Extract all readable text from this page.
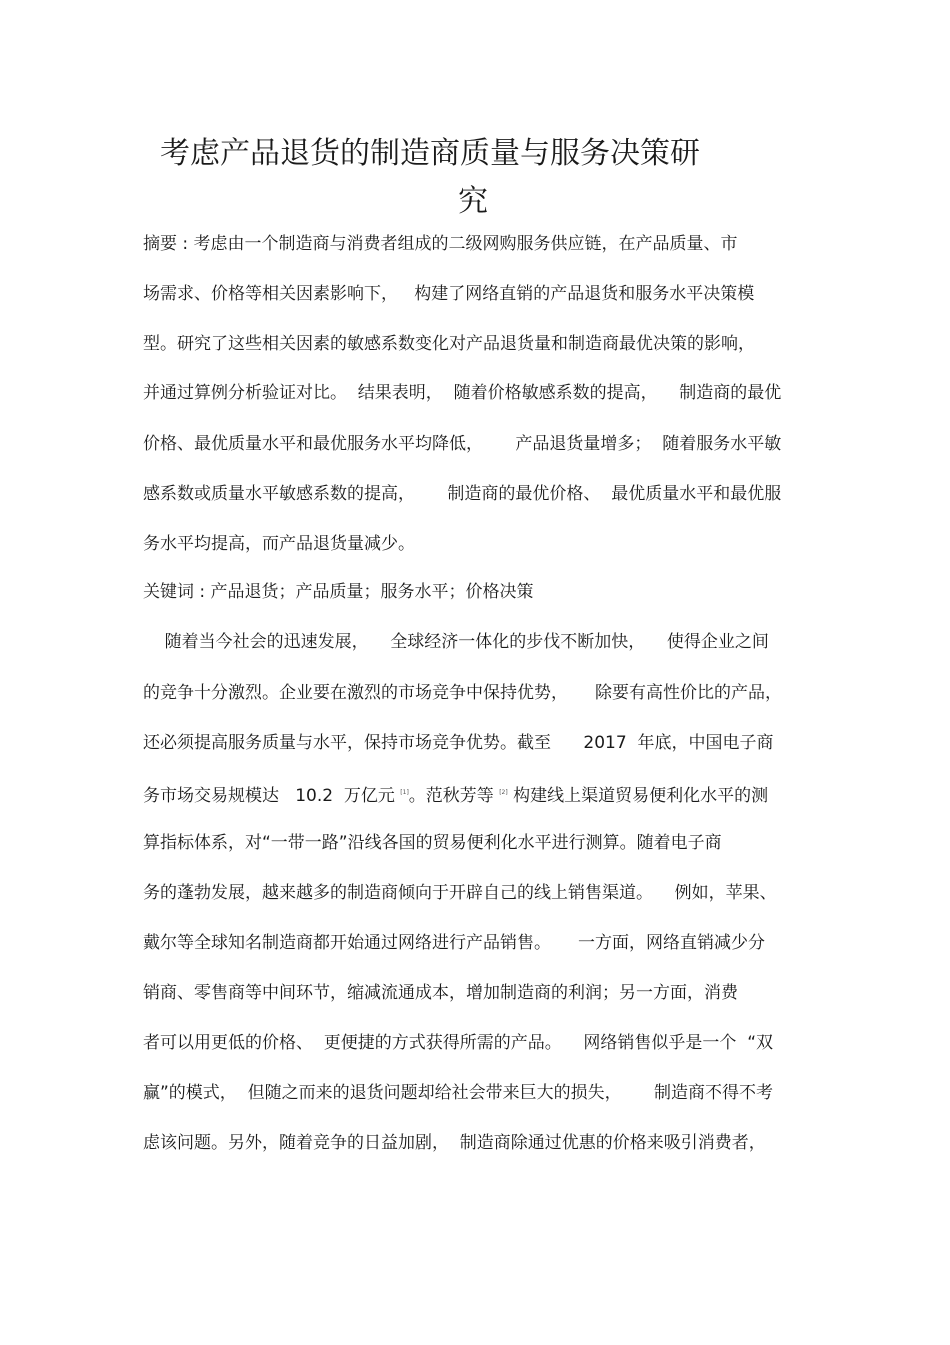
考虑产品退货的制造商质量与服务决策研
究
摘要 : 考虑由一个制造商与消费者组成的二级网购服务供应链，在产品质量、市
场需求、价格等相关因素影响下，   构建了网络直销的产品退货和服务水平决策模
型。研究了这些相关因素的敏感系数变化对产品退货量和制造商最优决策的影响，
并通过算例分析验证对比。  结果表明，  随着价格敏感系数的提高，    制造商的最优
价格、最优质量水平和最优服务水平均降低，      产品退货量增多；  随着服务水平敏
感系数或质量水平敏感系数的提高，      制造商的最优价格、  最优质量水平和最优服
务水平均提高，而产品退货量减少。
关键词 : 产品退货；产品质量；服务水平；价格决策
随着当今社会的迅速发展，    全球经济一体化的步伐不断加快，    使得企业之间
的竞争十分激烈。企业要在激烈的市场竞争中保持优势，     除要有高性价比的产品，
还必须提高服务质量与水平，保持市场竞争优势。截至      2017  年底，中国电子商
务市场交易规模达   10.2  万亿元 [1]。范秋芳等 [2] 构建线上渠道贸易便利化水平的测
算指标体系，对“一带一路”沿线各国的贸易便利化水平进行测算。随着电子商
务的蓬勃发展，越来越多的制造商倾向于开辟自己的线上销售渠道。    例如，苹果、
戴尔等全球知名制造商都开始通过网络进行产品销售。     一方面，网络直销减少分
销商、零售商等中间环节，缩减流通成本，增加制造商的利润；另一方面，消费
者可以用更低的价格、  更便捷的方式获得所需的产品。    网络销售似乎是一个  “双
赢”的模式，  但随之而来的退货问题却给社会带来巨大的损失，      制造商不得不考
虑该问题。另外，随着竞争的日益加剧，  制造商除通过优惠的价格来吸引消费者，
